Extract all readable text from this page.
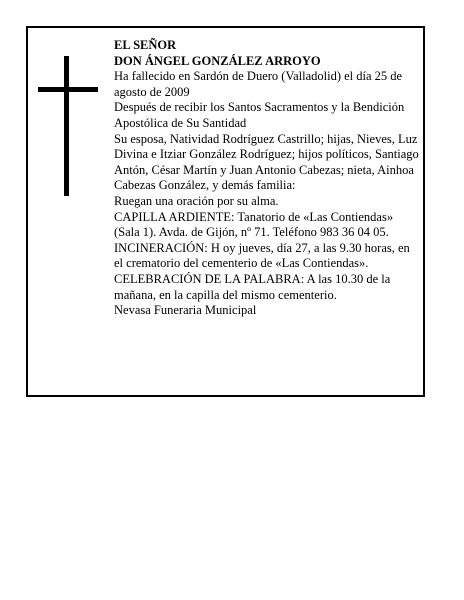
EL SEÑOR

DON ÁNGEL GONZÁLEZ ARROYO

Ha fallecido en Sardón de Duero (Valladolid) el día 25 de agosto de 2009

Después de recibir los Santos Sacramentos y la Bendición Apostólica de Su Santidad

Su esposa, Natividad Rodríguez Castrillo; hijas, Nieves, Luz Divina e Itziar González Rodríguez; hijos políticos, Santiago Antón, César Martín y Juan Antonio Cabezas; nieta, Ainhoa Cabezas González, y demás familia:

Ruegan una oración por su alma.

CAPILLA ARDIENTE: Tanatorio de «Las Contiendas» (Sala 1). Avda. de Gijón, nº 71. Teléfono 983 36 04 05.

INCINERACIÓN: H oy jueves, día 27, a las 9.30 horas, en el crematorio del cementerio de «Las Contiendas».

CELEBRACIÓN DE LA PALABRA: A las 10.30 de la mañana, en la capilla del mismo cementerio.

Nevasa Funeraria Municipal
